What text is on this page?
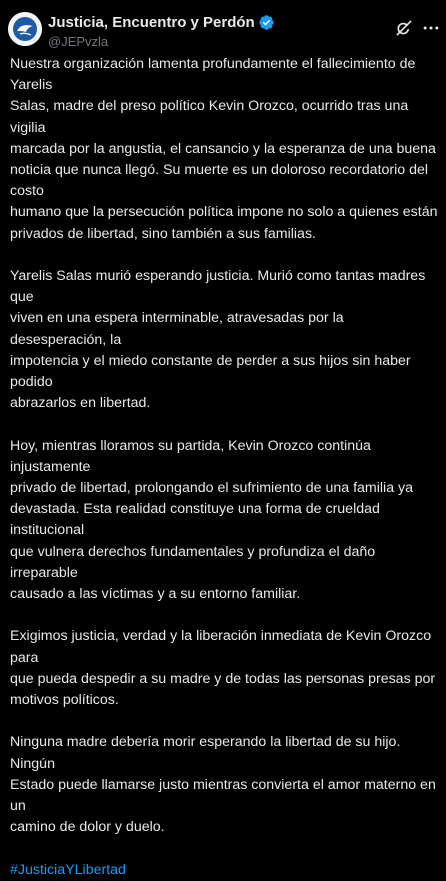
Justicia, Encuentro y Perdón
@JEPvzla

Nuestra organización lamenta profundamente el fallecimiento de Yarelis
Salas, madre del preso político Kevin Orozco, ocurrido tras una vigilia
marcada por la angustia, el cansancio y la esperanza de una buena
noticia que nunca llegó. Su muerte es un doloroso recordatorio del costo
humano que la persecución política impone no solo a quienes están
privados de libertad, sino también a sus familias.

Yarelis Salas murió esperando justicia. Murió como tantas madres que
viven en una espera interminable, atravesadas por la desesperación, la
impotencia y el miedo constante de perder a sus hijos sin haber podido
abrazarlos en libertad.

Hoy, mientras lloramos su partida, Kevin Orozco continúa injustamente
privado de libertad, prolongando el sufrimiento de una familia ya
devastada. Esta realidad constituye una forma de crueldad institucional
que vulnera derechos fundamentales y profundiza el daño irreparable
causado a las víctimas y a su entorno familiar.

Exigimos justicia, verdad y la liberación inmediata de Kevin Orozco para
que pueda despedir a su madre y de todas las personas presas por
motivos políticos.

Ninguna madre debería morir esperando la libertad de su hijo. Ningún
Estado puede llamarse justo mientras convierta el amor materno en un
camino de dolor y duelo.

#JusticiaYLibertad
